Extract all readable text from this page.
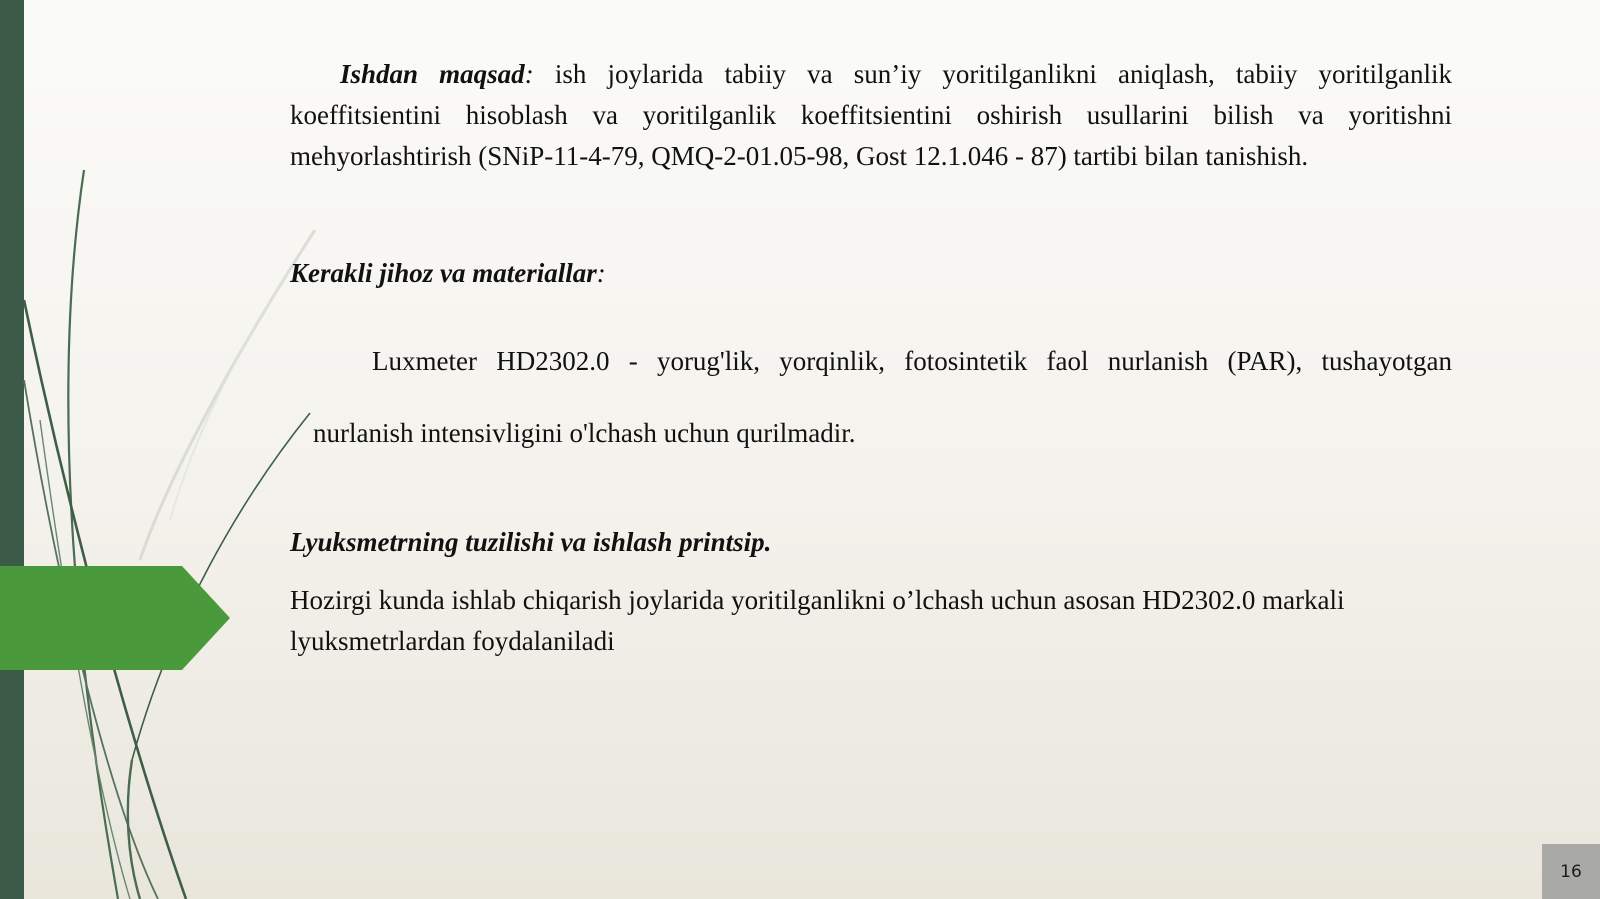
Ishdan maqsad: ish joylarida tabiiy va sun’iy yoritilganlikni aniqlash, tabiiy yoritilganlik koeffitsientini hisoblash va yoritilganlik koeffitsientini oshirish usullarini bilish va yoritishni mehyorlashtirish (SNiP-11-4-79, QMQ-2-01.05-98, Gost 12.1.046 - 87) tartibi bilan tanishish.

Kerakli jihoz va materiallar:

Luxmeter HD2302.0 - yorug'lik, yorqinlik, fotosintetik faol nurlanish (PAR), tushayotgan

nurlanish intensivligini o'lchash uchun qurilmadir.

Lyuksmetrning tuzilishi va ishlash printsip.

Hozirgi kunda ishlab chiqarish joylarida yoritilganlikni o’lchash uchun asosan HD2302.0 markali lyuksmetrlardan foydalaniladi

16
